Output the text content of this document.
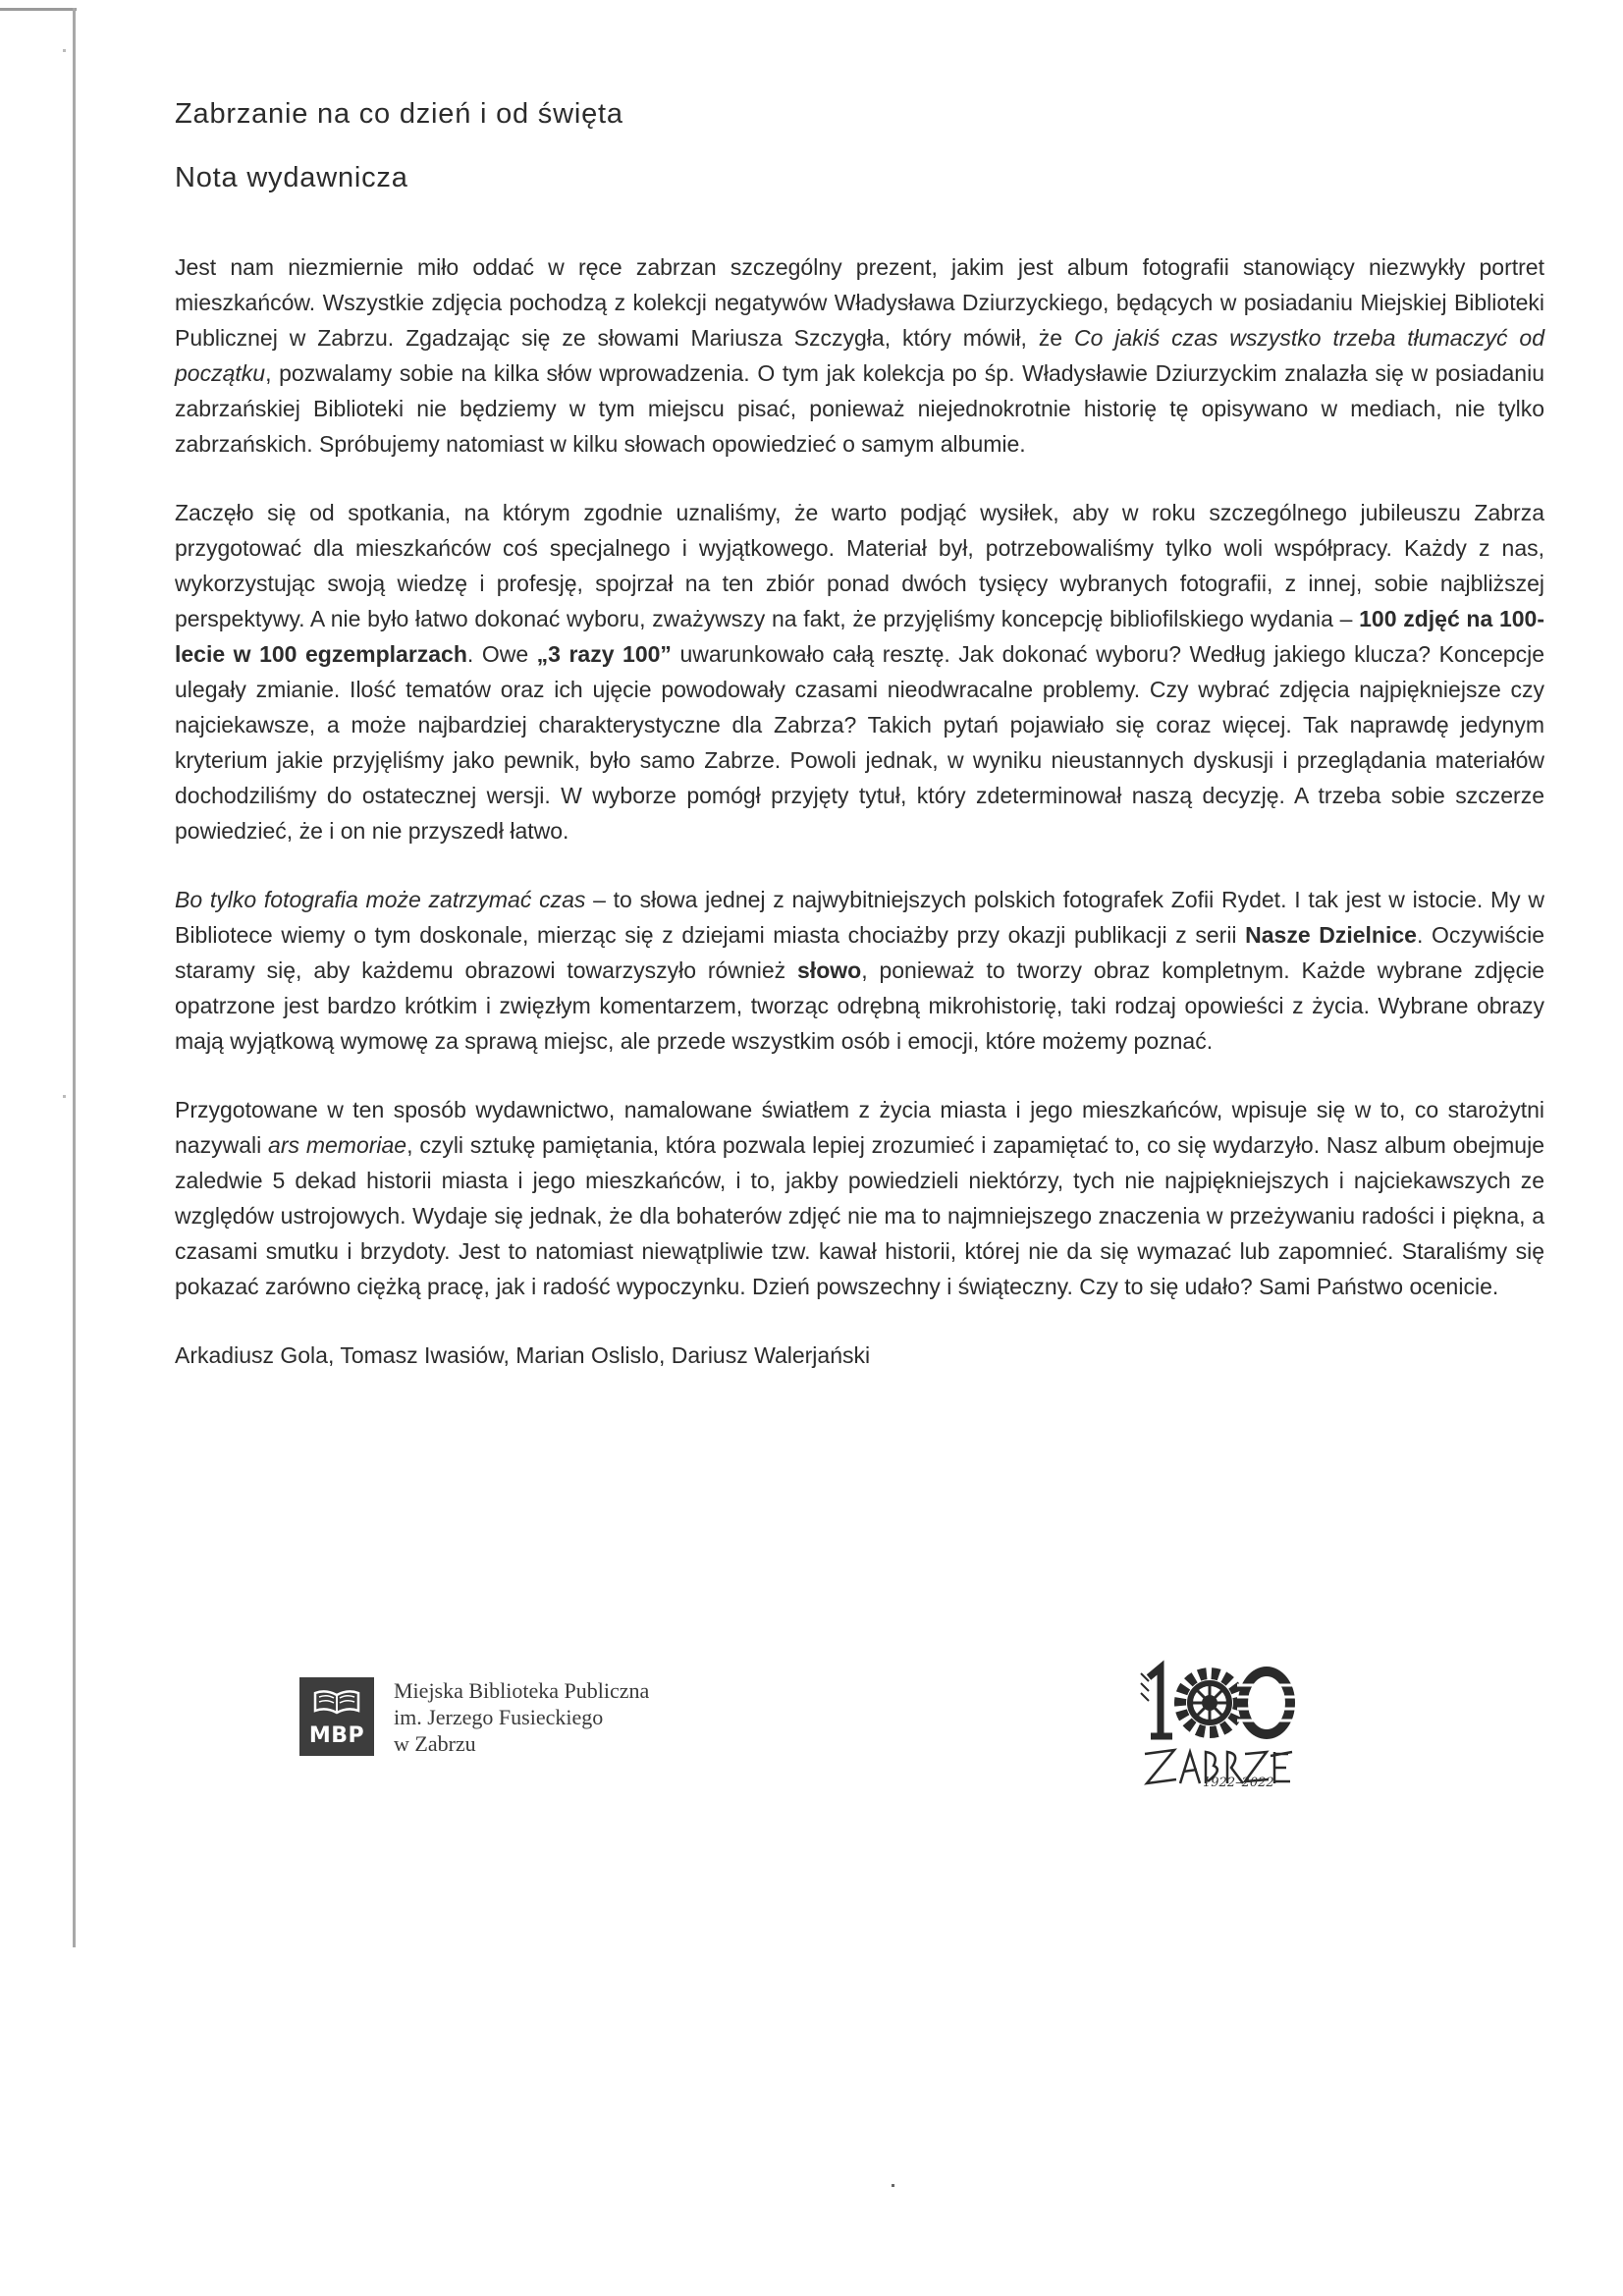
Zabrzanie na co dzień i od święta
Nota wydawnicza

Jest nam niezmiernie miło oddać w ręce zabrzan szczególny prezent, jakim jest album fotografii stanowiący niezwykły portret mieszkańców. Wszystkie zdjęcia pochodzą z kolekcji negatywów Władysława Dziurzyckiego, będących w posiadaniu Miejskiej Biblioteki Publicznej w Zabrzu. Zgadzając się ze słowami Mariusza Szczygła, który mówił, że Co jakiś czas wszystko trzeba tłumaczyć od początku, pozwalamy sobie na kilka słów wprowadzenia. O tym jak kolekcja po śp. Władysławie Dziurzyckim znalazła się w posiadaniu zabrzańskiej Biblioteki nie będziemy w tym miejscu pisać, ponieważ niejednokrotnie historię tę opisywano w mediach, nie tylko zabrzańskich. Spróbujemy natomiast w kilku słowach opowiedzieć o samym albumie.

Zaczęło się od spotkania, na którym zgodnie uznaliśmy, że warto podjąć wysiłek, aby w roku szczególnego jubileuszu Zabrza przygotować dla mieszkańców coś specjalnego i wyjątkowego. Materiał był, potrzebowaliśmy tylko woli współpracy. Każdy z nas, wykorzystując swoją wiedzę i profesję, spojrzał na ten zbiór ponad dwóch tysięcy wybranych fotografii, z innej, sobie najbliższej perspektywy. A nie było łatwo dokonać wyboru, zważywszy na fakt, że przyjęliśmy koncepcję bibliofilskiego wydania – 100 zdjęć na 100-lecie w 100 egzemplarzach. Owe „3 razy 100” uwarunkowało całą resztę. Jak dokonać wyboru? Według jakiego klucza? Koncepcje ulegały zmianie. Ilość tematów oraz ich ujęcie powodowały czasami nieodwracalne problemy. Czy wybrać zdjęcia najpiękniejsze czy najciekawsze, a może najbardziej charakterystyczne dla Zabrza? Takich pytań pojawiało się coraz więcej. Tak naprawdę jedynym kryterium jakie przyjęliśmy jako pewnik, było samo Zabrze. Powoli jednak, w wyniku nieustannych dyskusji i przeglądania materiałów dochodziliśmy do ostatecznej wersji. W wyborze pomógł przyjęty tytuł, który zdeterminował naszą decyzję. A trzeba sobie szczerze powiedzieć, że i on nie przyszedł łatwo.

Bo tylko fotografia może zatrzymać czas – to słowa jednej z najwybitniejszych polskich fotografek Zofii Rydet. I tak jest w istocie. My w Bibliotece wiemy o tym doskonale, mierząc się z dziejami miasta chociażby przy okazji publikacji z serii Nasze Dzielnice. Oczywiście staramy się, aby każdemu obrazowi towarzyszyło również słowo, ponieważ to tworzy obraz kompletnym. Każde wybrane zdjęcie opatrzone jest bardzo krótkim i zwięzłym komentarzem, tworząc odrębną mikrohistorię, taki rodzaj opowieści z życia. Wybrane obrazy mają wyjątkową wymowę za sprawą miejsc, ale przede wszystkim osób i emocji, które możemy poznać.

Przygotowane w ten sposób wydawnictwo, namalowane światłem z życia miasta i jego mieszkańców, wpisuje się w to, co starożytni nazywali ars memoriae, czyli sztukę pamiętania, która pozwala lepiej zrozumieć i zapamiętać to, co się wydarzyło. Nasz album obejmuje zaledwie 5 dekad historii miasta i jego mieszkańców, i to, jakby powiedzieli niektórzy, tych nie najpiękniejszych i najciekawszych ze względów ustrojowych. Wydaje się jednak, że dla bohaterów zdjęć nie ma to najmniejszego znaczenia w przeżywaniu radości i piękna, a czasami smutku i brzydoty. Jest to natomiast niewątpliwie tzw. kawał historii, której nie da się wymazać lub zapomnieć. Staraliśmy się pokazać zarówno ciężką pracę, jak i radość wypoczynku. Dzień powszechny i świąteczny. Czy to się udało? Sami Państwo ocenicie.

Arkadiusz Gola, Tomasz Iwasiów, Marian Oslislo, Dariusz Walerjański

MBP
Miejska Biblioteka Publiczna
im. Jerzego Fusieckiego
w Zabrzu
1922–2022
